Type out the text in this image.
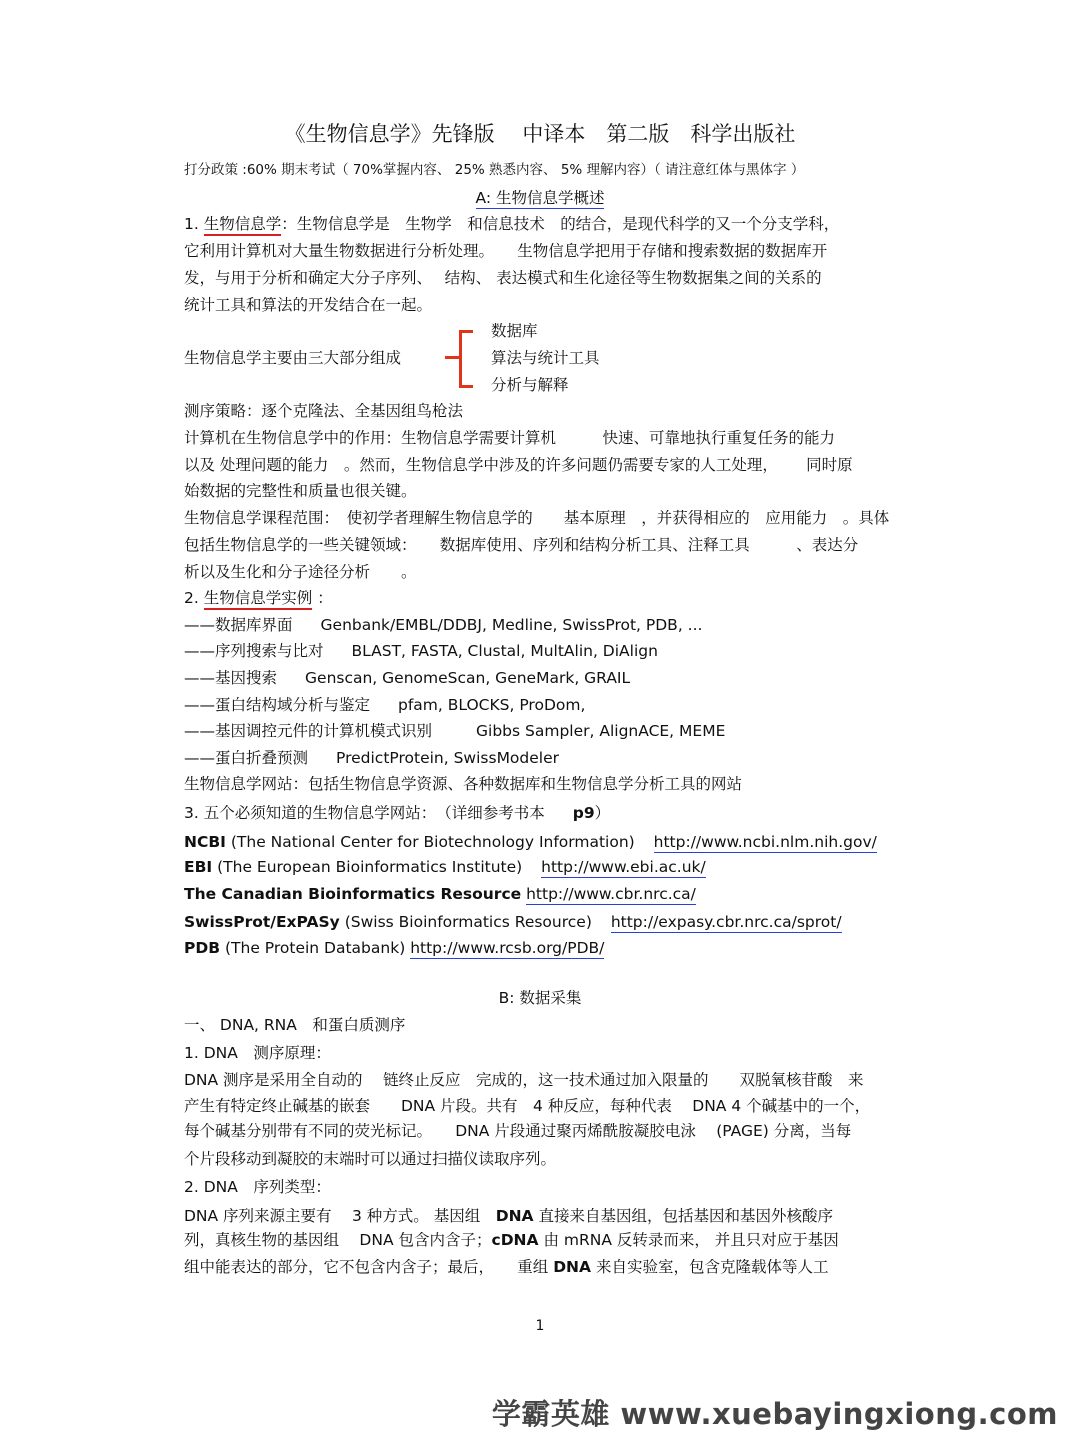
《生物信息学》先锋版　 中译本　第二版　科学出版社
打分政策 :60% 期末考试（ 70%掌握内容、 25% 熟悉内容、 5% 理解内容）（ 请注意红体与黑体字 ）
A: 生物信息学概述
1. 生物信息学：生物信息学是　生物学　和信息技术　的结合，是现代科学的又一个分支学科，
它利用计算机对大量生物数据进行分析处理。　　生物信息学把用于存储和搜索数据的数据库开
发，与用于分析和确定大分子序列、　 结构、 表达模式和生化途径等生物数据集之间的关系的
统计工具和算法的开发结合在一起。
生物信息学主要由三大部分组成
数据库
算法与统计工具
分析与解释
测序策略：逐个克隆法、全基因组鸟枪法
计算机在生物信息学中的作用：生物信息学需要计算机　　　快速、可靠地执行重复任务的能力
以及 处理问题的能力　。然而，生物信息学中涉及的许多问题仍需要专家的人工处理，　　 同时原
始数据的完整性和质量也很关键。
生物信息学课程范围：　使初学者理解生物信息学的　　基本原理　，并获得相应的　应用能力　。具体
包括生物信息学的一些关键领域：　　数据库使用、序列和结构分析工具、注释工具　　　、表达分
析以及生化和分子途径分析　　。
2. 生物信息学实例 ：
——数据库界面 Genbank/EMBL/DDBJ, Medline, SwissProt, PDB, ...
——序列搜索与比对 BLAST, FASTA, Clustal, MultAlin, DiAlign
——基因搜索 Genscan, GenomeScan, GeneMark, GRAIL
——蛋白结构域分析与鉴定 pfam, BLOCKS, ProDom,
——基因调控元件的计算机模式识别	Gibbs Sampler, AlignACE, MEME
——蛋白折叠预测 PredictProtein, SwissModeler
生物信息学网站：包括生物信息学资源、各种数据库和生物信息学分析工具的网站
3. 五个必须知道的生物信息学网站：　（详细参考书本 p9）
NCBI (The National Center for Biotechnology Information) http://www.ncbi.nlm.nih.gov/
EBI (The European Bioinformatics Institute) http://www.ebi.ac.uk/
The Canadian Bioinformatics Resource http://www.cbr.nrc.ca/
SwissProt/ExPASy (Swiss Bioinformatics Resource) http://expasy.cbr.nrc.ca/sprot/
PDB (The Protein Databank) http://www.rcsb.org/PDB/
B: 数据采集
一、 DNA, RNA　和蛋白质测序
1. DNA　测序原理：
DNA 测序是采用全自动的　 链终止反应　完成的，这一技术通过加入限量的　　双脱氧核苷酸　来
产生有特定终止碱基的嵌套　　DNA 片段。共有　4 种反应，每种代表　 DNA 4 个碱基中的一个，
每个碱基分别带有不同的荧光标记。　　DNA 片段通过聚丙烯酰胺凝胶电泳　 (PAGE) 分离，当每
个片段移动到凝胶的末端时可以通过扫描仪读取序列。
2. DNA　序列类型：
DNA 序列来源主要有　 3 种方式。 基因组　DNA 直接来自基因组，包括基因和基因外核酸序
列，真核生物的基因组　 DNA 包含内含子；cDNA 由 mRNA 反转录而来， 并且只对应于基因
组中能表达的部分，它不包含内含子；最后，　　重组 DNA 来自实验室，包含克隆载体等人工
1
学霸英雄 www.xuebayingxiong.com
